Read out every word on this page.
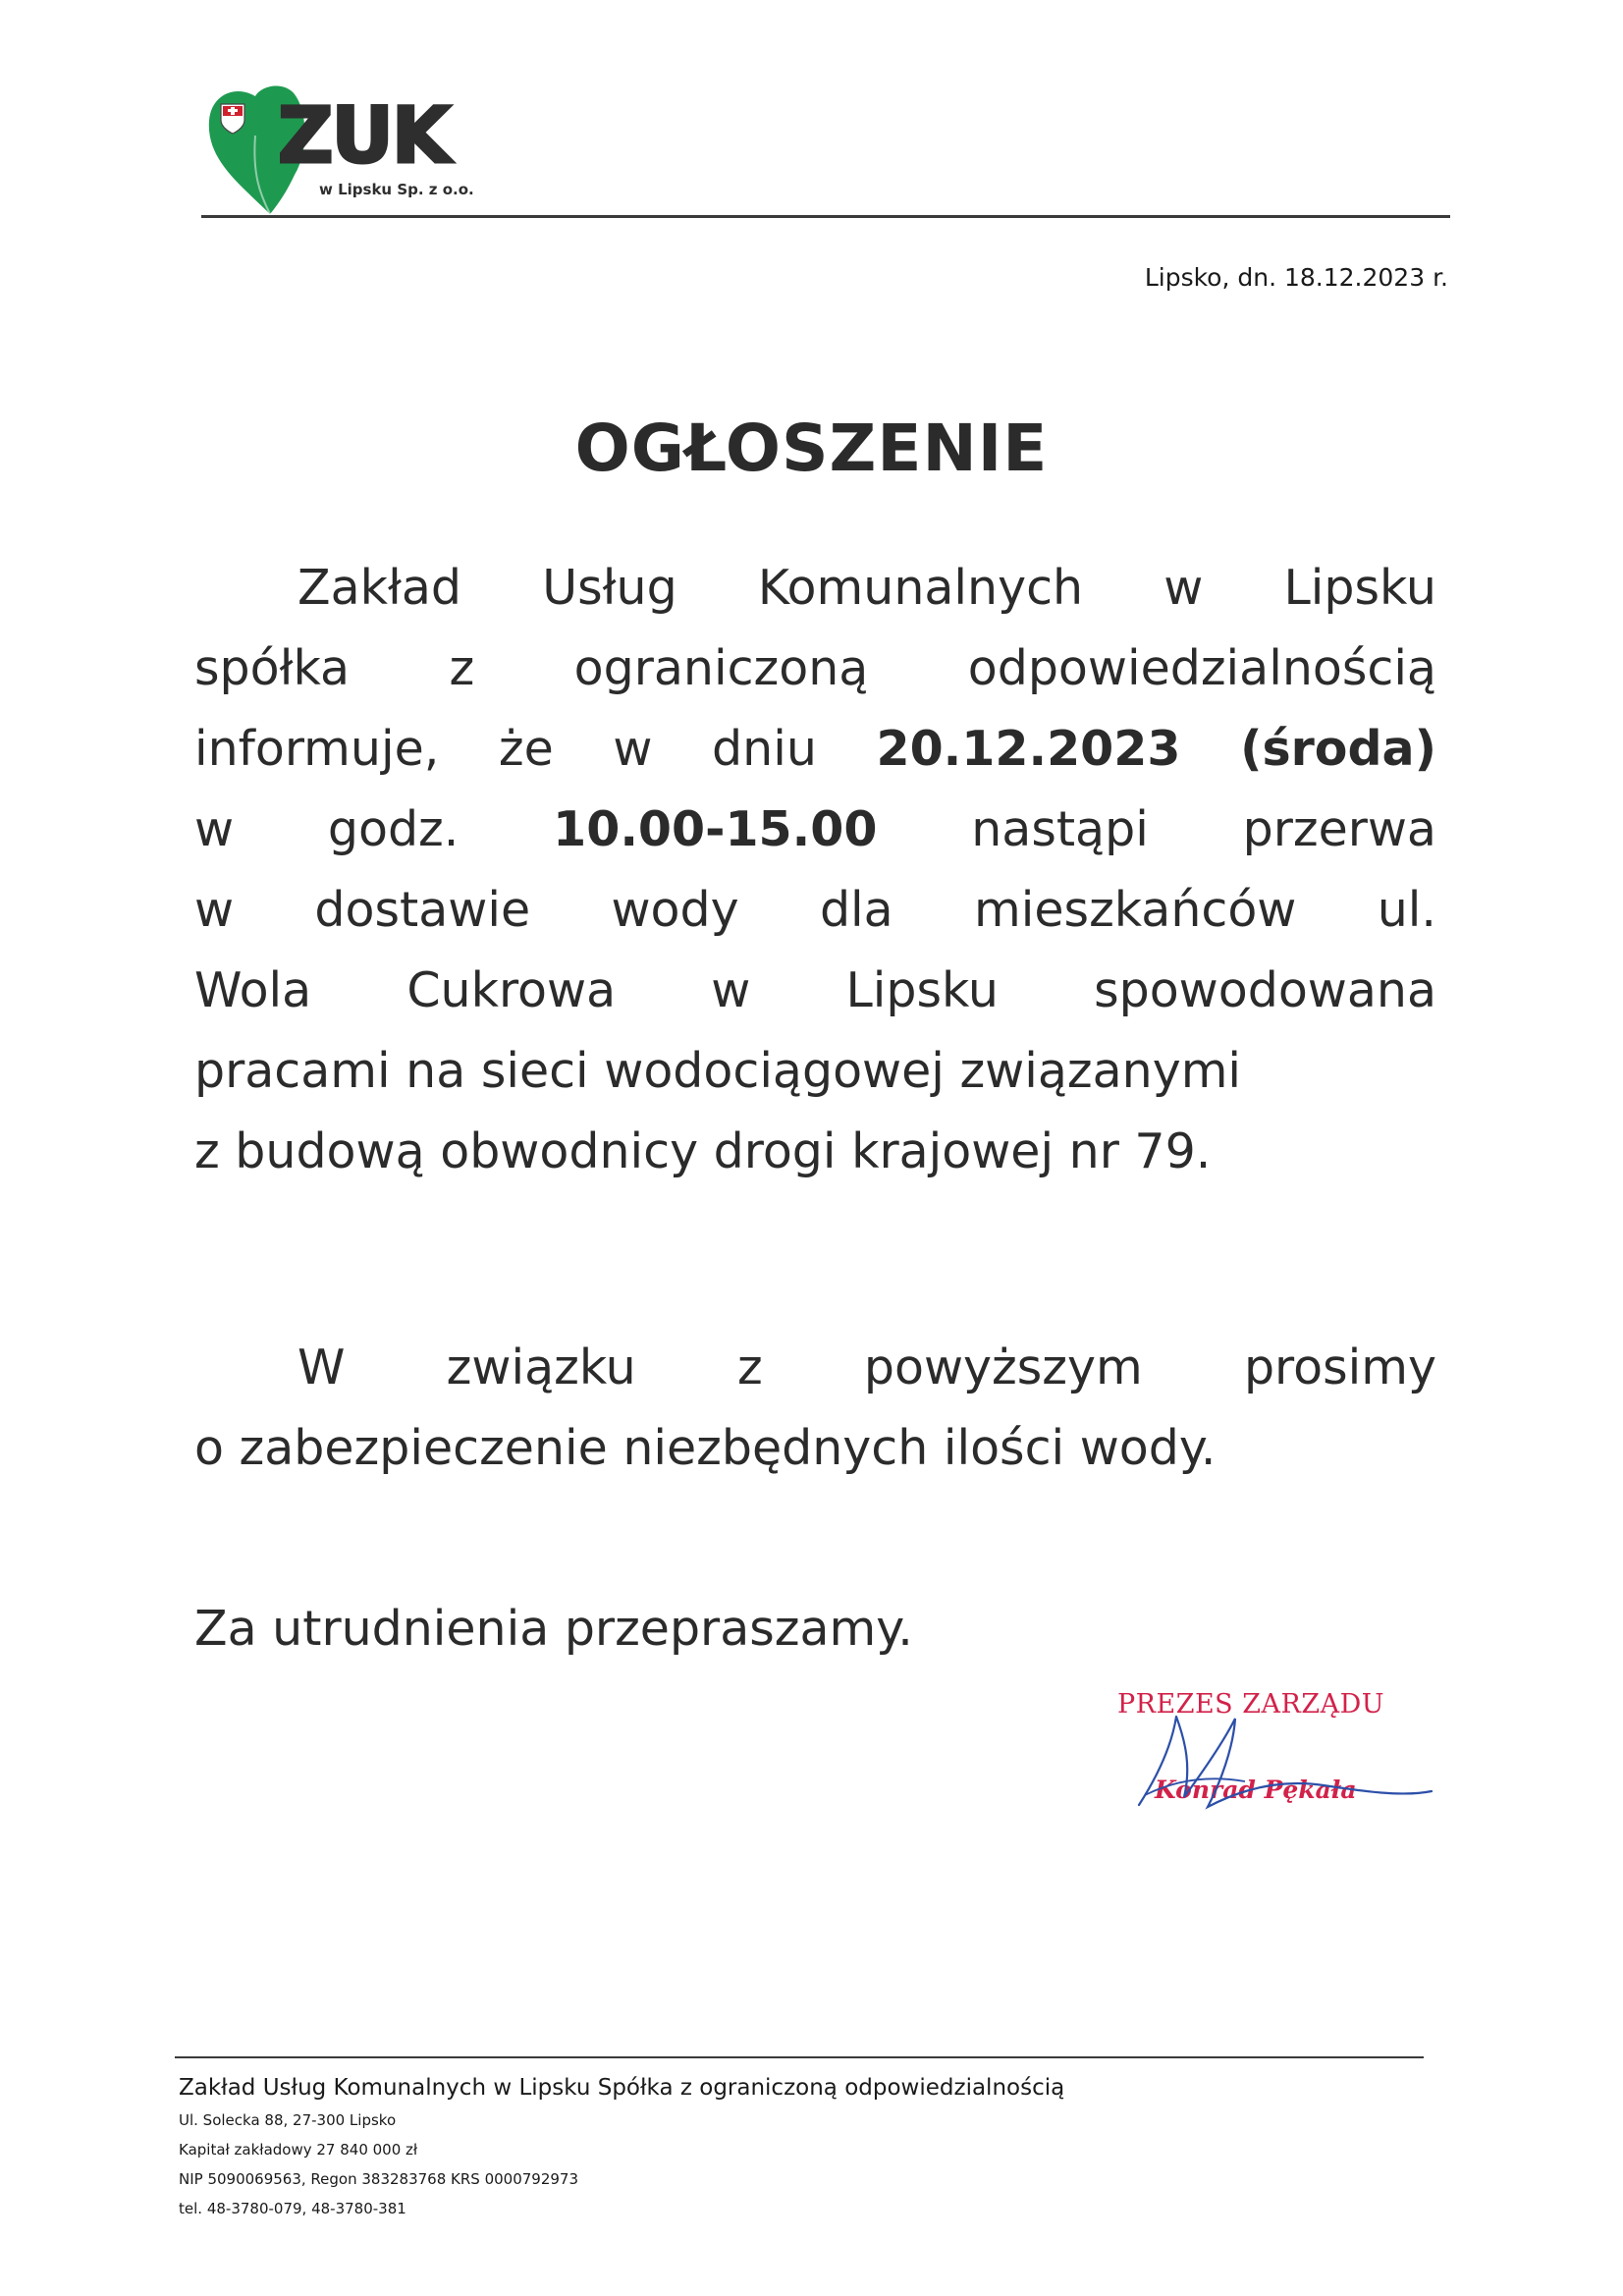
ZUK
w Lipsku Sp. z o.o.
Lipsko, dn. 18.12.2023 r.
OGŁOSZENIE
Zakład Usług Komunalnych w Lipsku
spółka z ograniczoną odpowiedzialnością
informuje, że w dniu 20.12.2023 (środa)
w godz. 10.00-15.00 nastąpi przerwa
w dostawie wody dla mieszkańców ul.
Wola Cukrowa w Lipsku spowodowana
pracami na sieci wodociągowej związanymi
z budową obwodnicy drogi krajowej nr 79.
W związku z powyższym prosimy
o zabezpieczenie niezbędnych ilości wody.
Za utrudnienia przepraszamy.
PREZES ZARZĄDU
Konrad Pękała
Zakład Usług Komunalnych w Lipsku Spółka z ograniczoną odpowiedzialnością
Ul. Solecka 88, 27-300 Lipsko
Kapitał zakładowy 27 840 000 zł
NIP 5090069563, Regon 383283768 KRS 0000792973
tel. 48-3780-079, 48-3780-381
